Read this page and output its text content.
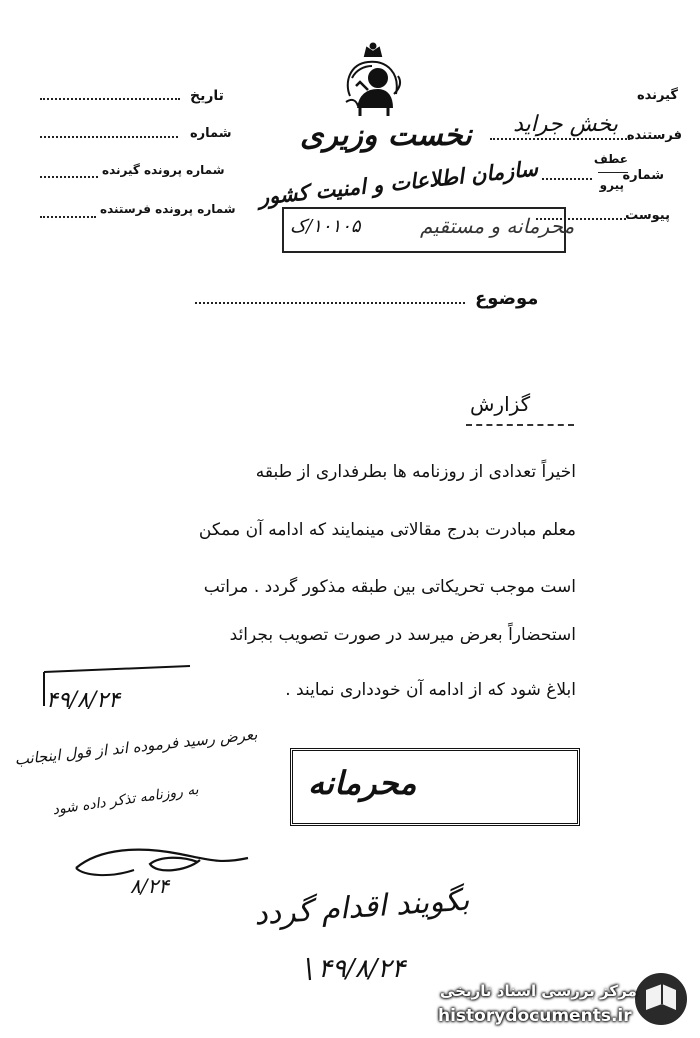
گیرنده
فرستنده
بخش جراید
شماره
عطف
پیرو
پیوست
تاریخ
شماره
شماره پرونده گیرنده
شماره پرونده فرستنده
نخست وزیری
سازمان اطلاعات و امنیت کشور
محرمانه و مستقیم
۱۰۱۰۵/ک
موضوع
گزارش
اخیراً تعدادی از روزنامه ها بطرفداری از طبقه
معلم مبادرت بدرج مقالاتی مینمایند که ادامه آن ممکن
است موجب تحریکاتی بین طبقه مذکور گردد . مراتب
استحضاراً بعرض میرسد در صورت تصویب بجرائد
ابلاغ شود که از ادامه آن خودداری نمایند .
۴۹/۸/۲۴
بعرض رسید فرموده اند از قول اینجانب
به روزنامه تذکر داده شود	محرمانه
۸/۲۴	بگویند اقدام گردد
۴۹/۸/۲۴
مرکز بررسی اسناد تاریخی
historydocuments.ir
